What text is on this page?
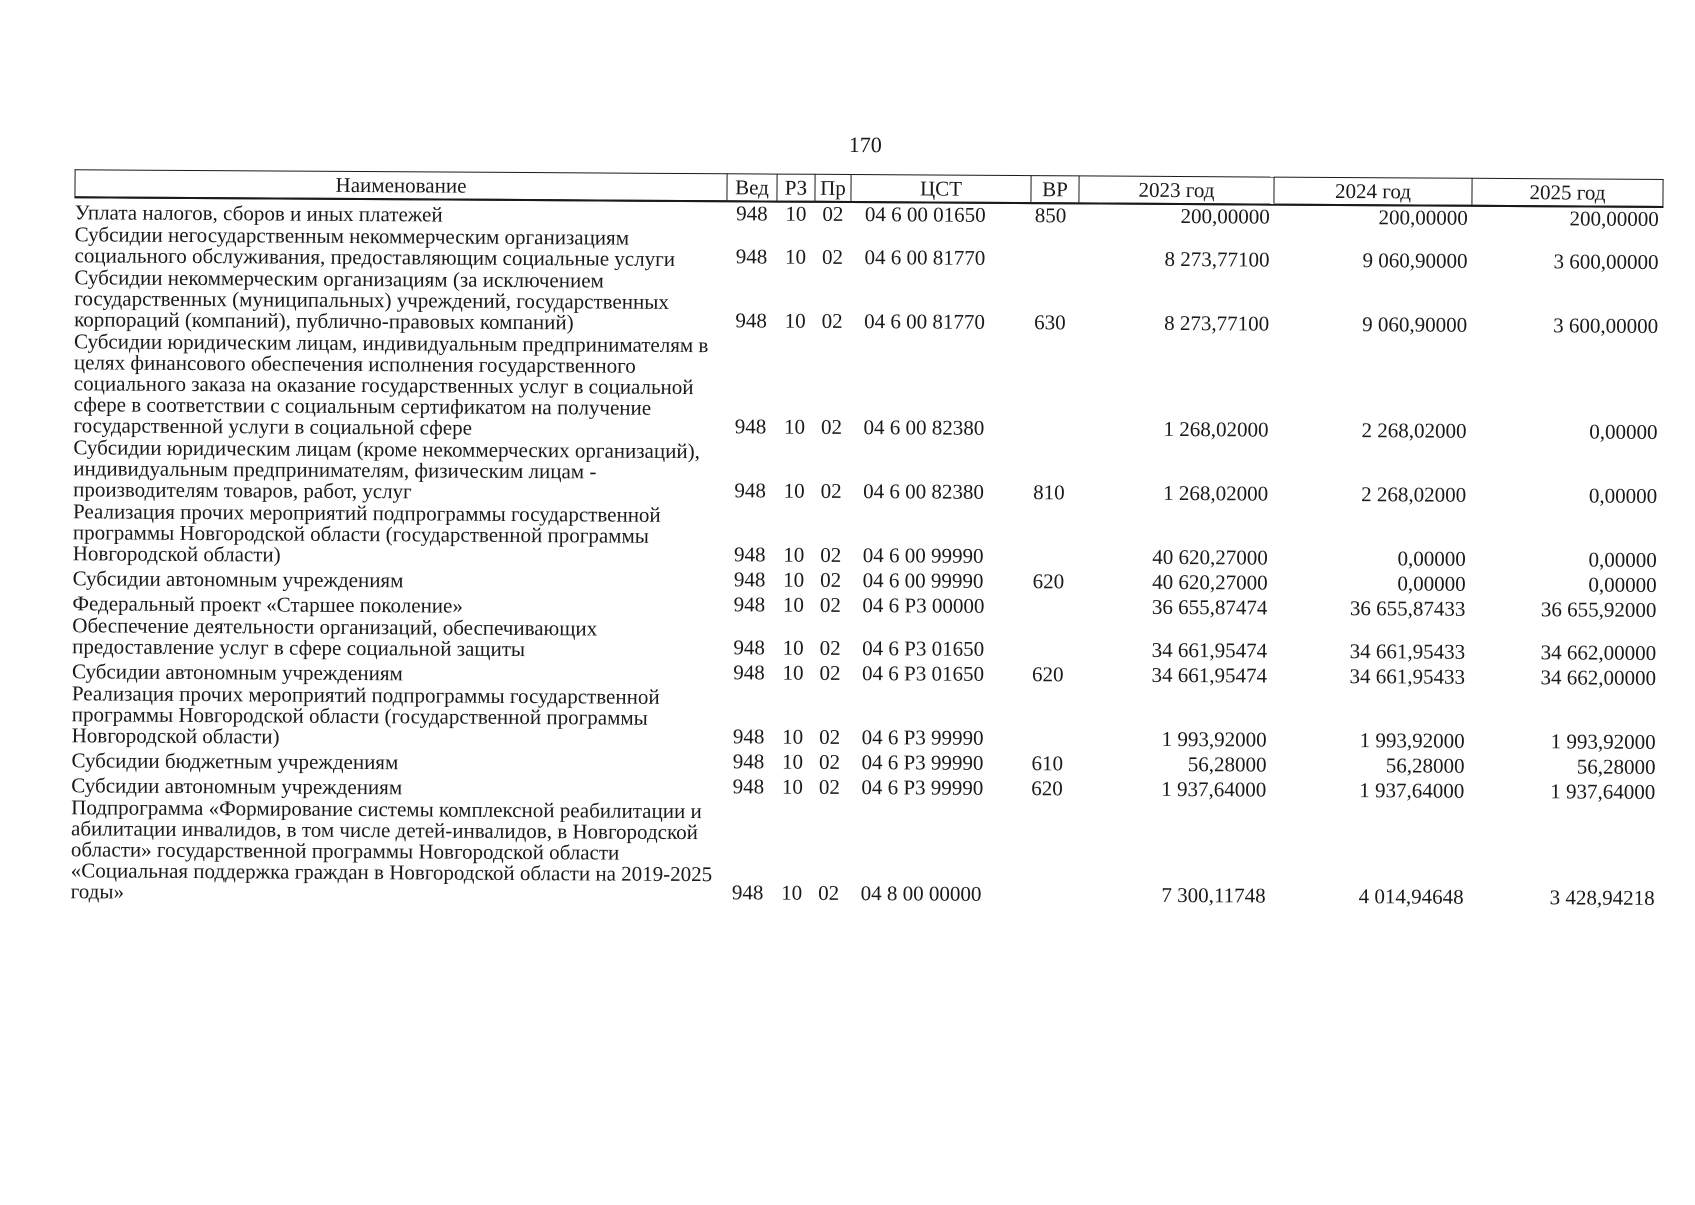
170
Наименование	Вед	РЗ	Пр	ЦСТ	ВР	2023 год	2024 год	2025 год
Уплата налогов, сборов и иных платежей	948	10	02	04 6 00 01650	850	200,00000	200,00000	200,00000
Субсидии негосударственным некоммерческим организациям социального обслуживания, предоставляющим социальные услуги	948	10	02	04 6 00 81770		8 273,77100	9 060,90000	3 600,00000
Субсидии некоммерческим организациям (за исключением государственных (муниципальных) учреждений, государственных корпораций (компаний), публично-правовых компаний)	948	10	02	04 6 00 81770	630	8 273,77100	9 060,90000	3 600,00000
Субсидии юридическим лицам, индивидуальным предпринимателям в целях финансового обеспечения исполнения государственного социального заказа на оказание государственных услуг в социальной сфере в соответствии с социальным сертификатом на получение государственной услуги в социальной сфере	948	10	02	04 6 00 82380		1 268,02000	2 268,02000	0,00000
Субсидии юридическим лицам (кроме некоммерческих организаций), индивидуальным предпринимателям, физическим лицам - производителям товаров, работ, услуг	948	10	02	04 6 00 82380	810	1 268,02000	2 268,02000	0,00000
Реализация прочих мероприятий подпрограммы государственной программы Новгородской области (государственной программы Новгородской области)	948	10	02	04 6 00 99990		40 620,27000	0,00000	0,00000
Субсидии автономным учреждениям	948	10	02	04 6 00 99990	620	40 620,27000	0,00000	0,00000
Федеральный проект «Старшее поколение»	948	10	02	04 6 Р3 00000		36 655,87474	36 655,87433	36 655,92000
Обеспечение деятельности организаций, обеспечивающих предоставление услуг в сфере социальной защиты	948	10	02	04 6 Р3 01650		34 661,95474	34 661,95433	34 662,00000
Субсидии автономным учреждениям	948	10	02	04 6 Р3 01650	620	34 661,95474	34 661,95433	34 662,00000
Реализация прочих мероприятий подпрограммы государственной программы Новгородской области (государственной программы Новгородской области)	948	10	02	04 6 Р3 99990		1 993,92000	1 993,92000	1 993,92000
Субсидии бюджетным учреждениям	948	10	02	04 6 Р3 99990	610	56,28000	56,28000	56,28000
Субсидии автономным учреждениям	948	10	02	04 6 Р3 99990	620	1 937,64000	1 937,64000	1 937,64000
Подпрограмма «Формирование системы комплексной реабилитации и абилитации инвалидов, в том числе детей-инвалидов, в Новгородской области» государственной программы Новгородской области «Социальная поддержка граждан в Новгородской области на 2019-2025 годы»	948	10	02	04 8 00 00000		7 300,11748	4 014,94648	3 428,94218
